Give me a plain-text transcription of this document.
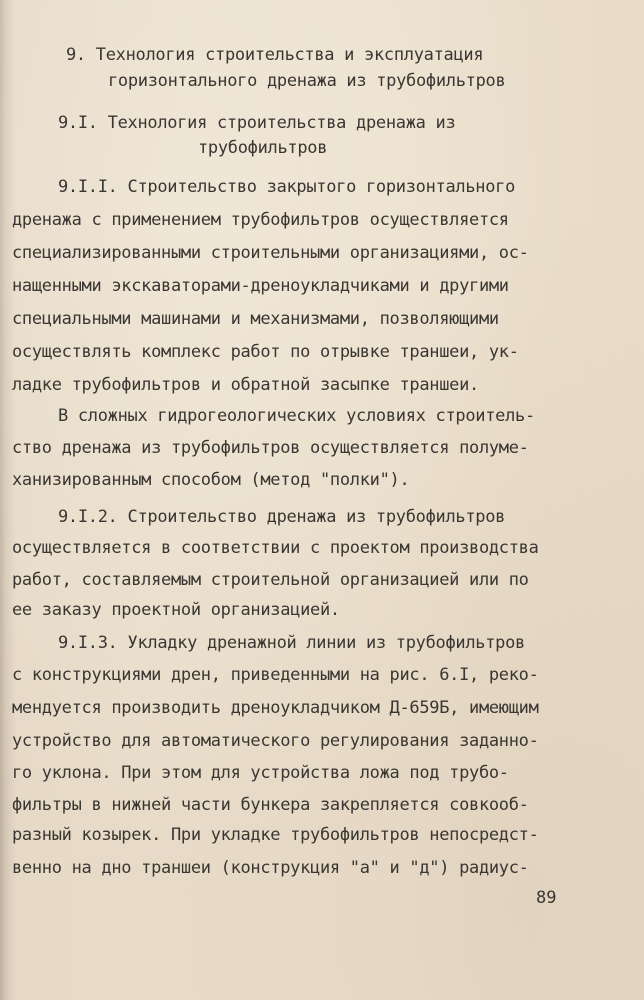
9. Технология строительства и эксплуатация
горизонтального дренажа из трубофильтров
9.I. Технология строительства дренажа из
трубофильтров
9.I.I. Строительство закрытого горизонтального
дренажа с применением трубофильтров осуществляется
специализированными строительными организациями, ос-
нащенными экскаваторами-дреноукладчиками и другими
специальными машинами и механизмами, позволяющими
осуществлять комплекс работ по отрывке траншеи, ук-
ладке трубофильтров и обратной засыпке траншеи.
В сложных гидрогеологических условиях строитель-
ство дренажа из трубофильтров осуществляется полуме-
ханизированным способом (метод "полки").
9.I.2. Строительство дренажа из трубофильтров
осуществляется в соответствии с проектом производства
работ, составляемым строительной организацией или по
ее заказу проектной организацией.
9.I.3. Укладку дренажной линии из трубофильтров
с конструкциями дрен, приведенными на рис. 6.I, реко-
мендуется производить дреноукладчиком Д-659Б, имеющим
устройство для автоматического регулирования заданно-
го уклона. При этом для устройства ложа под трубо-
фильтры в нижней части бункера закрепляется совкооб-
разный козырек. При укладке трубофильтров непосредст-
венно на дно траншеи (конструкция "а" и "д") радиус-
89
